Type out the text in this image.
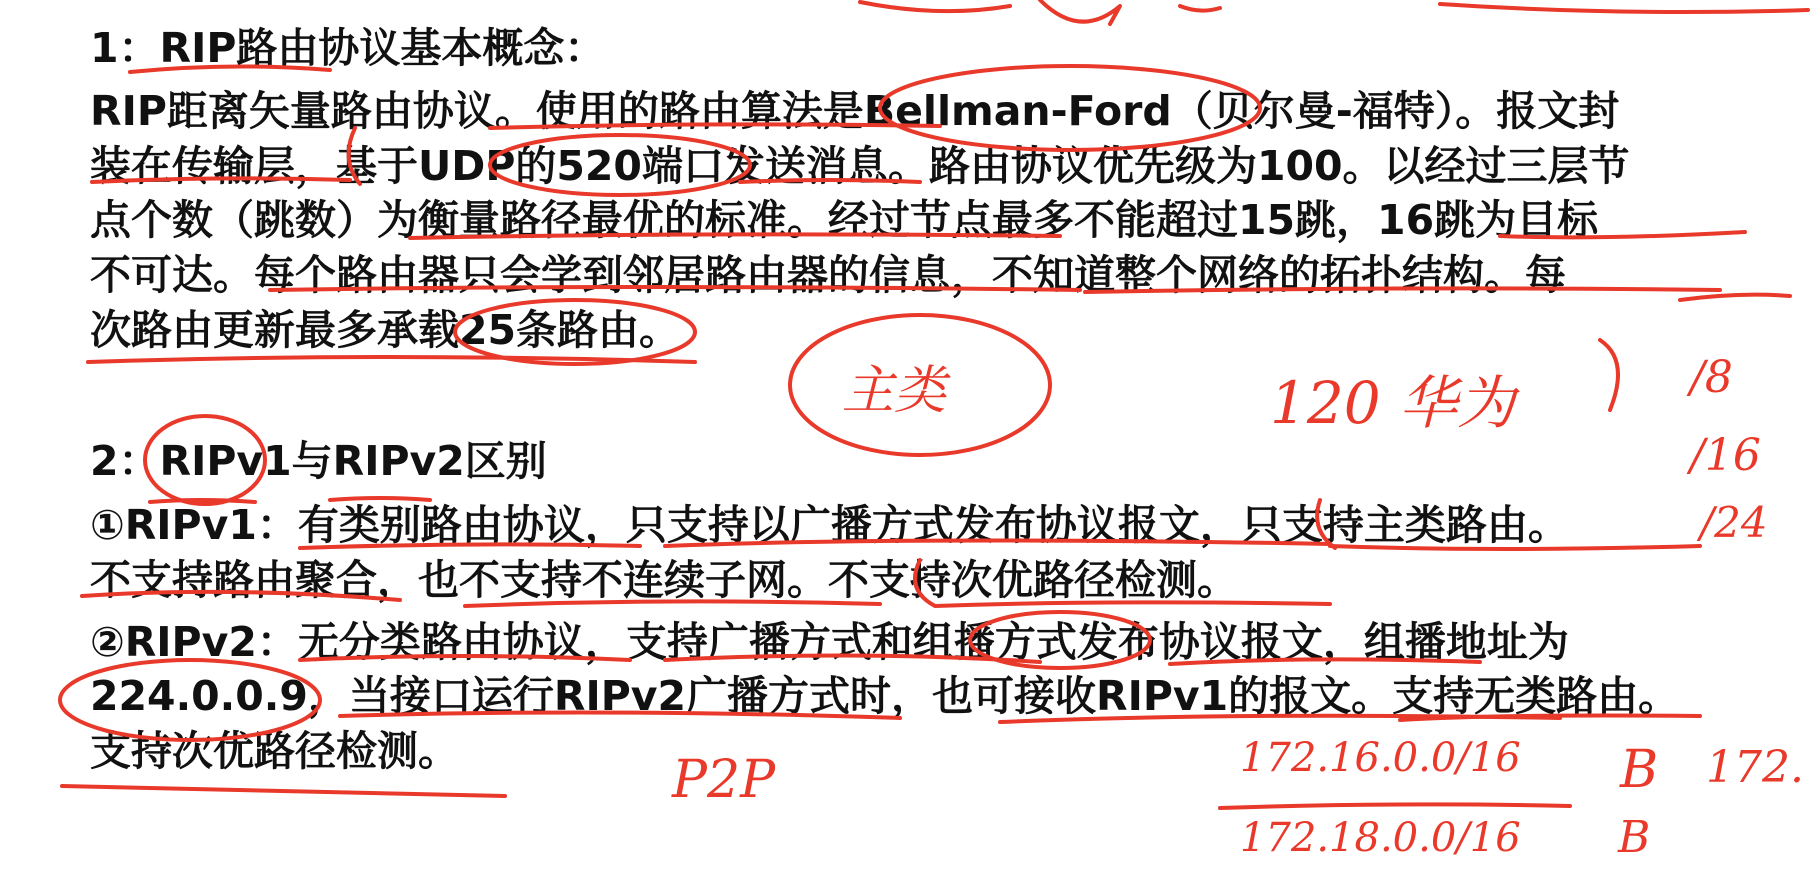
1：RIP路由协议基本概念：

RIP距离矢量路由协议。使用的路由算法是Bellman-Ford（贝尔曼-福特）。报文封

装在传输层，基于UDP的520端口发送消息。路由协议优先级为100。以经过三层节

点个数（跳数）为衡量路径最优的标准。经过节点最多不能超过15跳，16跳为目标

不可达。每个路由器只会学到邻居路由器的信息，不知道整个网络的拓扑结构。每

次路由更新最多承载25条路由。

2：RIPv1与RIPv2区别

①RIPv1：有类别路由协议，只支持以广播方式发布协议报文，只支持主类路由。

不支持路由聚合，也不支持不连续子网。不支持次优路径检测。

②RIPv2：无分类路由协议，支持广播方式和组播方式发布协议报文，组播地址为

224.0.0.9，当接口运行RIPv2广播方式时，也可接收RIPv1的报文。支持无类路由。

支持次优路径检测。

主类	120 华为	/8
/16
/24
172.16.0.0/16
172.18.0.0/16
B
B
172.
P2P
